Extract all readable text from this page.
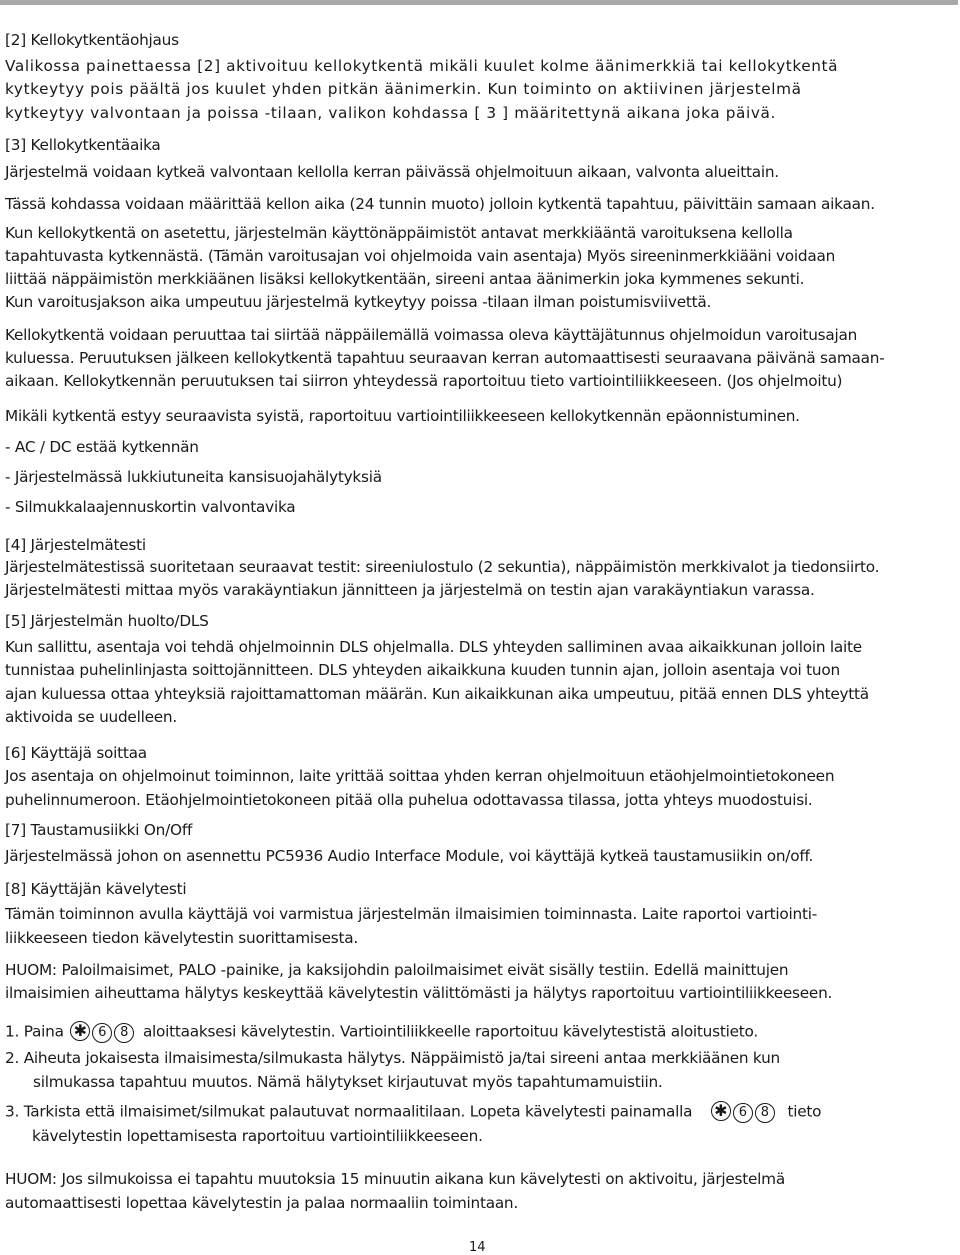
[2] Kellokytkentäohjaus
Valikossa painettaessa [2] aktivoituu kellokytkentä mikäli kuulet kolme äänimerkkiä tai kellokytkentä
kytkeytyy pois päältä jos kuulet yhden pitkän äänimerkin. Kun toiminto on aktiivinen järjestelmä
kytkeytyy valvontaan ja poissa -tilaan, valikon kohdassa [ 3 ] määritettynä aikana joka päivä.
[3] Kellokytkentäaika
Järjestelmä voidaan kytkeä valvontaan kellolla kerran päivässä ohjelmoituun aikaan, valvonta alueittain.
Tässä kohdassa voidaan määrittää kellon aika (24 tunnin muoto) jolloin kytkentä tapahtuu, päivittäin samaan aikaan.
Kun kellokytkentä on asetettu, järjestelmän käyttönäppäimistöt antavat merkkiääntä varoituksena kellolla
tapahtuvasta kytkennästä. (Tämän varoitusajan voi ohjelmoida vain asentaja) Myös sireeninmerkkiääni voidaan
liittää näppäimistön merkkiäänen lisäksi kellokytkentään, sireeni antaa äänimerkin joka kymmenes sekunti.
Kun varoitusjakson aika umpeutuu järjestelmä kytkeytyy poissa -tilaan ilman poistumisviivettä.
Kellokytkentä voidaan peruuttaa tai siirtää näppäilemällä voimassa oleva käyttäjätunnus ohjelmoidun varoitusajan
kuluessa. Peruutuksen jälkeen kellokytkentä tapahtuu seuraavan kerran automaattisesti seuraavana päivänä samaan-
aikaan. Kellokytkennän peruutuksen tai siirron yhteydessä raportoituu tieto vartiointiliikkeeseen. (Jos ohjelmoitu)
Mikäli kytkentä estyy seuraavista syistä, raportoituu vartiointiliikkeeseen kellokytkennän epäonnistuminen.
- AC / DC estää kytkennän
- Järjestelmässä lukkiutuneita kansisuojahälytyksiä
- Silmukkalaajennuskortin valvontavika
[4] Järjestelmätesti
Järjestelmätestissä suoritetaan seuraavat testit: sireeniulostulo (2 sekuntia), näppäimistön merkkivalot ja tiedonsiirto.
Järjestelmätesti mittaa myös varakäyntiakun jännitteen ja järjestelmä on testin ajan varakäyntiakun varassa.
[5] Järjestelmän huolto/DLS
Kun sallittu, asentaja voi tehdä ohjelmoinnin DLS ohjelmalla. DLS yhteyden salliminen avaa aikaikkunan jolloin laite
tunnistaa puhelinlinjasta soittojännitteen. DLS yhteyden aikaikkuna kuuden tunnin ajan, jolloin asentaja voi tuon
ajan kuluessa ottaa yhteyksiä rajoittamattoman määrän. Kun aikaikkunan aika umpeutuu, pitää ennen DLS yhteyttä
aktivoida se uudelleen.
[6] Käyttäjä soittaa
Jos asentaja on ohjelmoinut toiminnon, laite yrittää soittaa yhden kerran ohjelmoituun etäohjelmointietokoneen
puhelinnumeroon. Etäohjelmointietokoneen pitää olla puhelua odottavassa tilassa, jotta yhteys muodostuisi.
[7] Taustamusiikki On/Off
Järjestelmässä johon on asennettu PC5936 Audio Interface Module, voi käyttäjä kytkeä taustamusiikin on/off.
[8] Käyttäjän kävelytesti
Tämän toiminnon avulla käyttäjä voi varmistua järjestelmän ilmaisimien toiminnasta. Laite raportoi vartiointi-
liikkeeseen tiedon kävelytestin suorittamisesta.
HUOM: Paloilmaisimet, PALO -painike, ja kaksijohdin paloilmaisimet eivät sisälly testiin. Edellä mainittujen
ilmaisimien aiheuttama hälytys keskeyttää kävelytestin välittömästi ja hälytys raportoituu vartiointiliikkeeseen.
1. Paina ✱ 6 8 aloittaaksesi kävelytestin. Vartiointiliikkeelle raportoituu kävelytestistä aloitustieto.
2. Aiheuta jokaisesta ilmaisimesta/silmukasta hälytys. Näppäimistö ja/tai sireeni antaa merkkiäänen kun
silmukassa tapahtuu muutos. Nämä hälytykset kirjautuvat myös tapahtumamuistiin.
3. Tarkista että ilmaisimet/silmukat palautuvat normaalitilaan. Lopeta kävelytesti painamalla ✱ 6 8 tieto
kävelytestin lopettamisesta raportoituu vartiointiliikkeeseen.
HUOM: Jos silmukoissa ei tapahtu muutoksia 15 minuutin aikana kun kävelytesti on aktivoitu, järjestelmä
automaattisesti lopettaa kävelytestin ja palaa normaaliin toimintaan.
14
